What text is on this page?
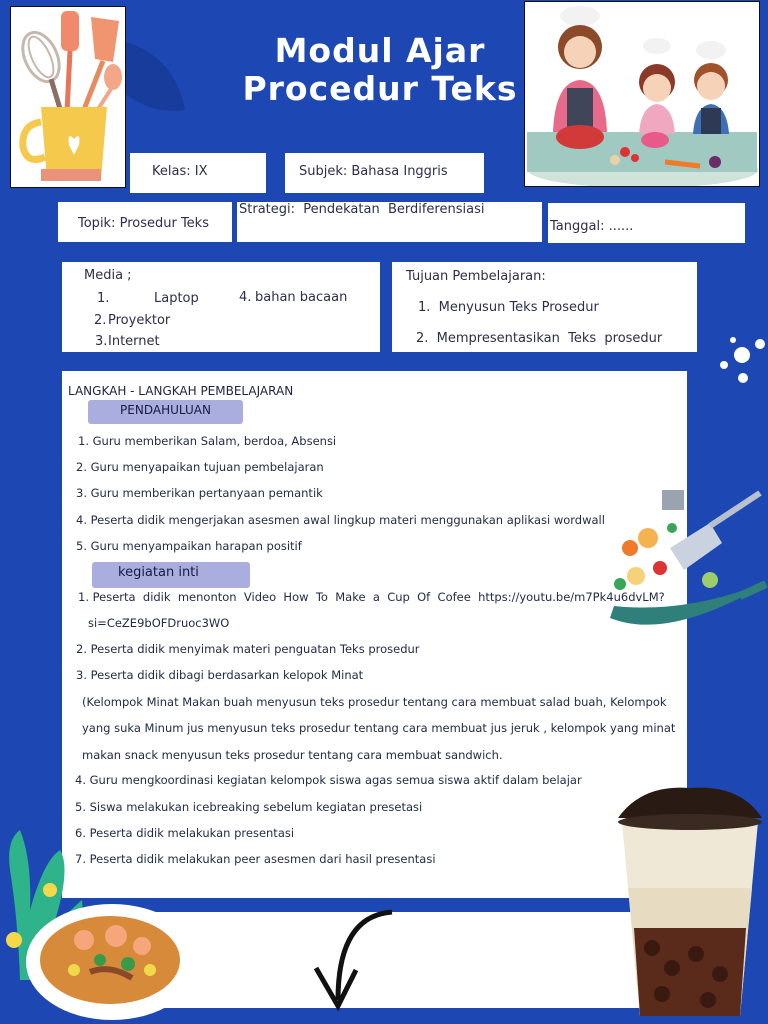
Modul Ajar
Procedur Teks
Kelas: IX	Subjek: Bahasa Inggris
Topik: Prosedur Teks
Strategi:  Pendekatan  Berdiferensiasi
Tanggal: ......
Media ;
1.	Laptop
2. Proyektor
3. Internet
4. bahan bacaan
Tujuan Pembelajaran:
1.  Menyusun Teks Prosedur
2.  Mempresentasikan  Teks  prosedur
LANGKAH - LANGKAH PEMBELAJARAN
PENDAHULUAN
1. Guru memberikan Salam, berdoa, Absensi
2. Guru menyapaikan tujuan pembelajaran
3. Guru memberikan pertanyaan pemantik
4. Peserta didik mengerjakan asesmen awal lingkup materi menggunakan aplikasi wordwall
5. Guru menyampaikan harapan positif
kegiatan inti
1. Peserta  didik  menonton  Video  How  To  Make  a  Cup  Of  Cofee  https://youtu.be/m7Pk4u6dvLM?
si=CeZE9bOFDruoc3WO
2. Peserta didik menyimak materi penguatan Teks prosedur
3. Peserta didik dibagi berdasarkan kelopok Minat
(Kelompok Minat Makan buah menyusun teks prosedur tentang cara membuat salad buah, Kelompok
yang suka Minum jus menyusun teks prosedur tentang cara membuat jus jeruk , kelompok yang minat
makan snack menyusun teks prosedur tentang cara membuat sandwich.
4. Guru mengkoordinasi kegiatan kelompok siswa agas semua siswa aktif dalam belajar
5. Siswa melakukan icebreaking sebelum kegiatan presetasi
6. Peserta didik melakukan presentasi
7. Peserta didik melakukan peer asesmen dari hasil presentasi
